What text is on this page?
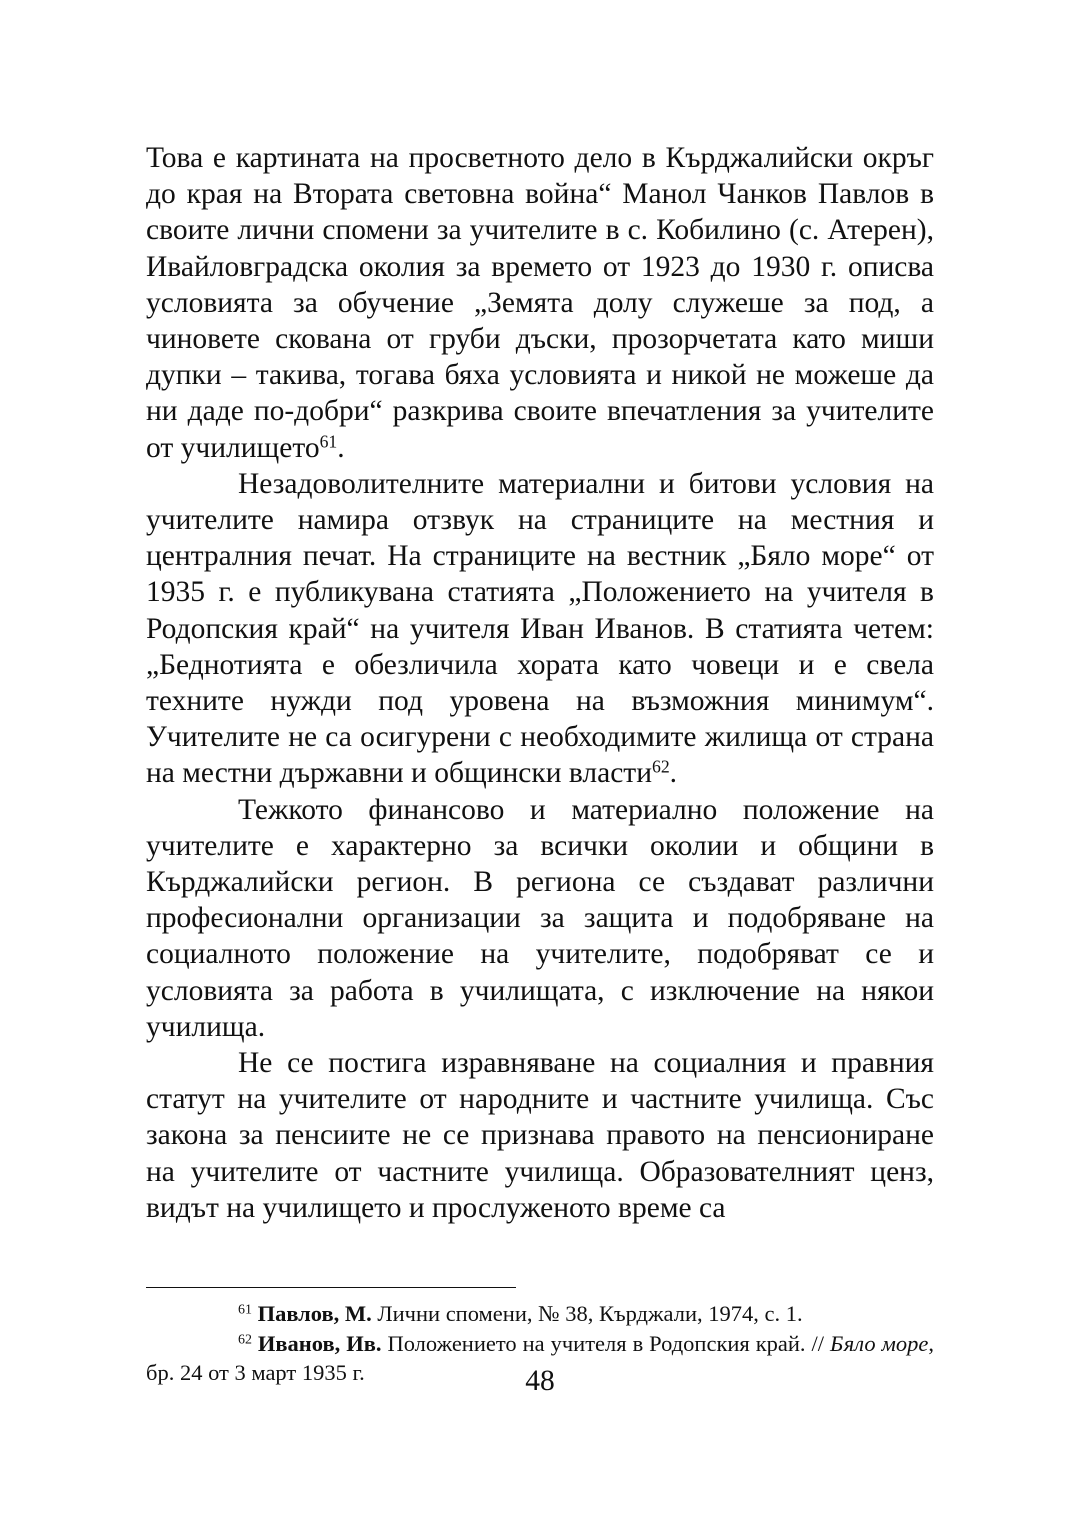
Това е картината на просветното дело в Кърджалийски окръг до края на Втората световна война“ Манол Чанков Павлов в своите лични спомени за учителите в с. Кобилино (с. Атерен), Ивайловградска околия за времето от 1923 до 1930 г. описва условията за обучение „Земята долу служеше за под, а чиновете скована от груби дъски, прозорчетата като миши дупки – такива, тогава бяха условията и никой не можеше да ни даде по-добри“ разкрива своите впечатления за учителите от училището$^{61}$.

Незадоволителните материални и битови условия на учителите намира отзвук на страниците на местния и централния печат. На страниците на вестник „Бяло море“ от 1935 г. е публикувана статията „Положението на учителя в Родопския край“ на учителя Иван Иванов. В статията четем: „Беднотията е обезличила хората като човеци и е свела техните нужди под уровена на възможния минимум“. Учителите не са осигурени с необходимите жилища от страна на местни държавни и общински власти$^{62}$.

Тежкото финансово и материално положение на учителите е характерно за всички околии и общини в Кърджалийски регион. В региона се създават различни професионални организации за защита и подобряване на социалното положение на учителите, подобряват се и условията за работа в училищата, с изключение на някои училища.

Не се постига изравняване на социалния и правния статут на учителите от народните и частните училища. Със закона за пенсиите не се признава правото на пенсиониране на учителите от частните училища. Образователният ценз, видът на училището и прослуженото време са

$^{61}$ Павлов, М. Лични спомени, № 38, Кърджали, 1974, с. 1.

$^{62}$ Иванов, Ив. Положението на учителя в Родопския край. // Бяло море, бр. 24 от 3 март 1935 г.	48
